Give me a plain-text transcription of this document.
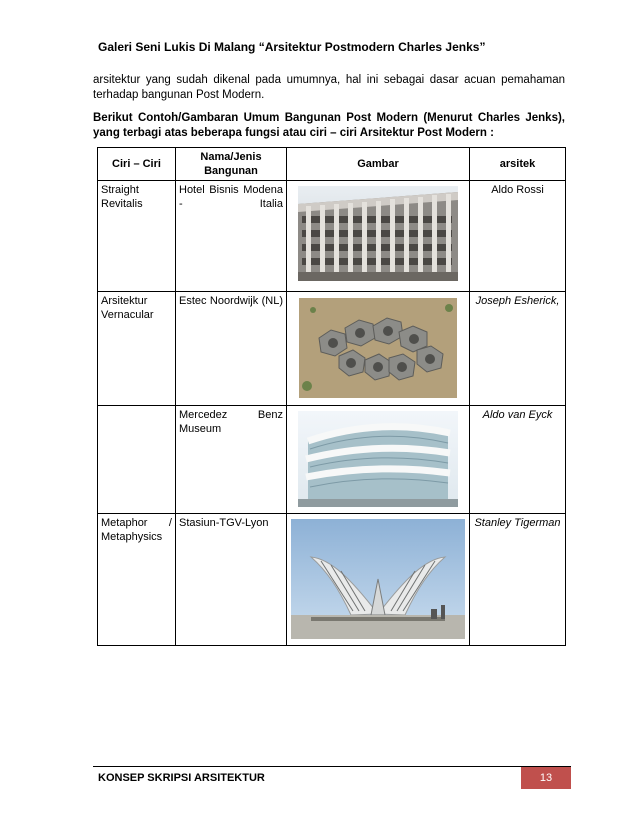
Galeri Seni Lukis Di Malang “Arsitektur Postmodern Charles Jenks”
arsitektur yang sudah dikenal pada umumnya, hal ini sebagai dasar acuan pemahaman terhadap bangunan Post Modern.
Berikut Contoh/Gambaran Umum Bangunan Post Modern (Menurut Charles Jenks), yang terbagi atas beberapa fungsi atau ciri – ciri Arsitektur Post Modern :
Ciri – Ciri	Nama/Jenis Bangunan	Gambar	arsitek
Straight Revitalis	Hotel Bisnis Modena - Italia		Aldo Rossi
Arsitektur Vernacular	Estec Noordwijk (NL)		Joseph Esherick,
	Mercedez Benz Museum		Aldo van Eyck
Metaphor / Metaphysics	Stasiun-TGV-Lyon		Stanley Tigerman
KONSEP SKRIPSI ARSITEKTUR	13
